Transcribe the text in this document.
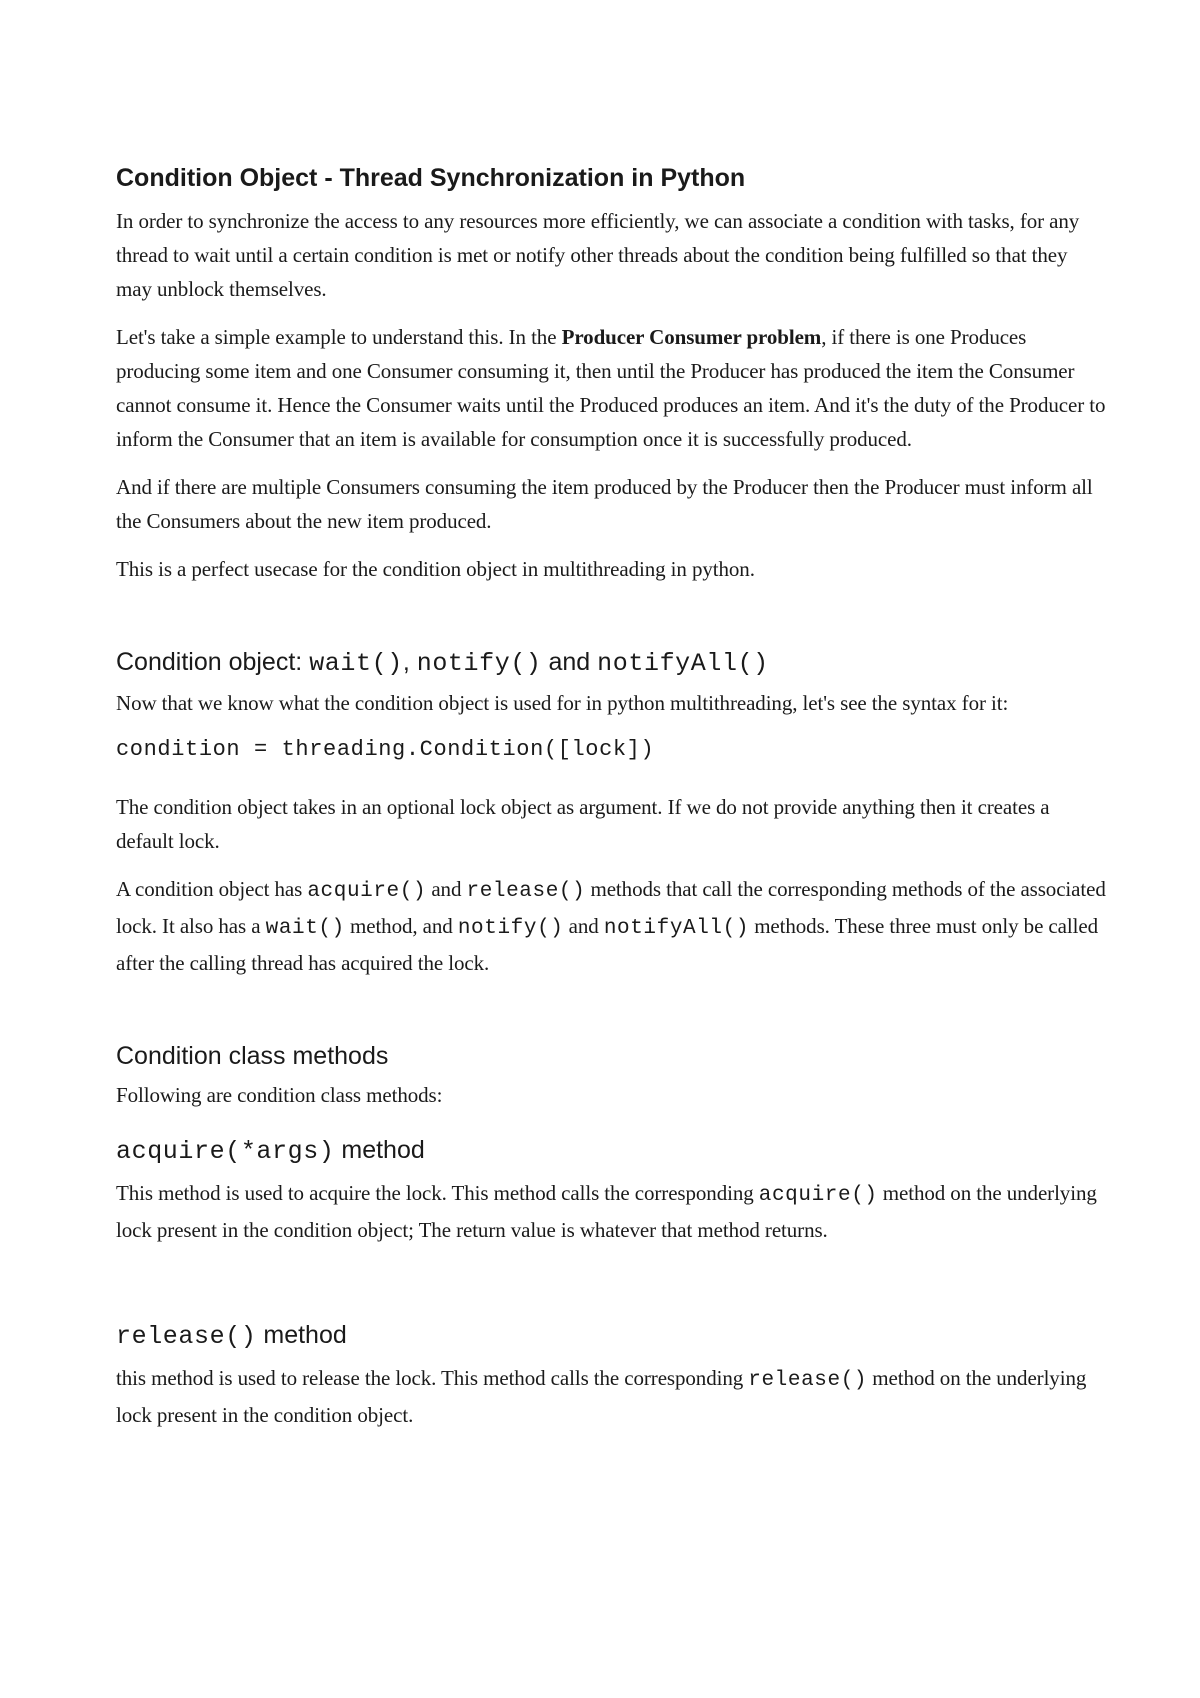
Condition Object - Thread Synchronization in Python

In order to synchronize the access to any resources more efficiently, we can associate a condition with tasks, for any thread to wait until a certain condition is met or notify other threads about the condition being fulfilled so that they may unblock themselves.

Let's take a simple example to understand this. In the Producer Consumer problem, if there is one Produces producing some item and one Consumer consuming it, then until the Producer has produced the item the Consumer cannot consume it. Hence the Consumer waits until the Produced produces an item. And it's the duty of the Producer to inform the Consumer that an item is available for consumption once it is successfully produced.

And if there are multiple Consumers consuming the item produced by the Producer then the Producer must inform all the Consumers about the new item produced.

This is a perfect usecase for the condition object in multithreading in python.

Condition object: wait(), notify() and notifyAll()

Now that we know what the condition object is used for in python multithreading, let's see the syntax for it:

condition = threading.Condition([lock])

The condition object takes in an optional lock object as argument. If we do not provide anything then it creates a default lock.

A condition object has acquire() and release() methods that call the corresponding methods of the associated lock. It also has a wait() method, and notify() and notifyAll() methods. These three must only be called after the calling thread has acquired the lock.

Condition class methods

Following are condition class methods:

acquire(*args) method

This method is used to acquire the lock. This method calls the corresponding acquire() method on the underlying lock present in the condition object; The return value is whatever that method returns.

release() method

this method is used to release the lock. This method calls the corresponding release() method on the underlying lock present in the condition object.
